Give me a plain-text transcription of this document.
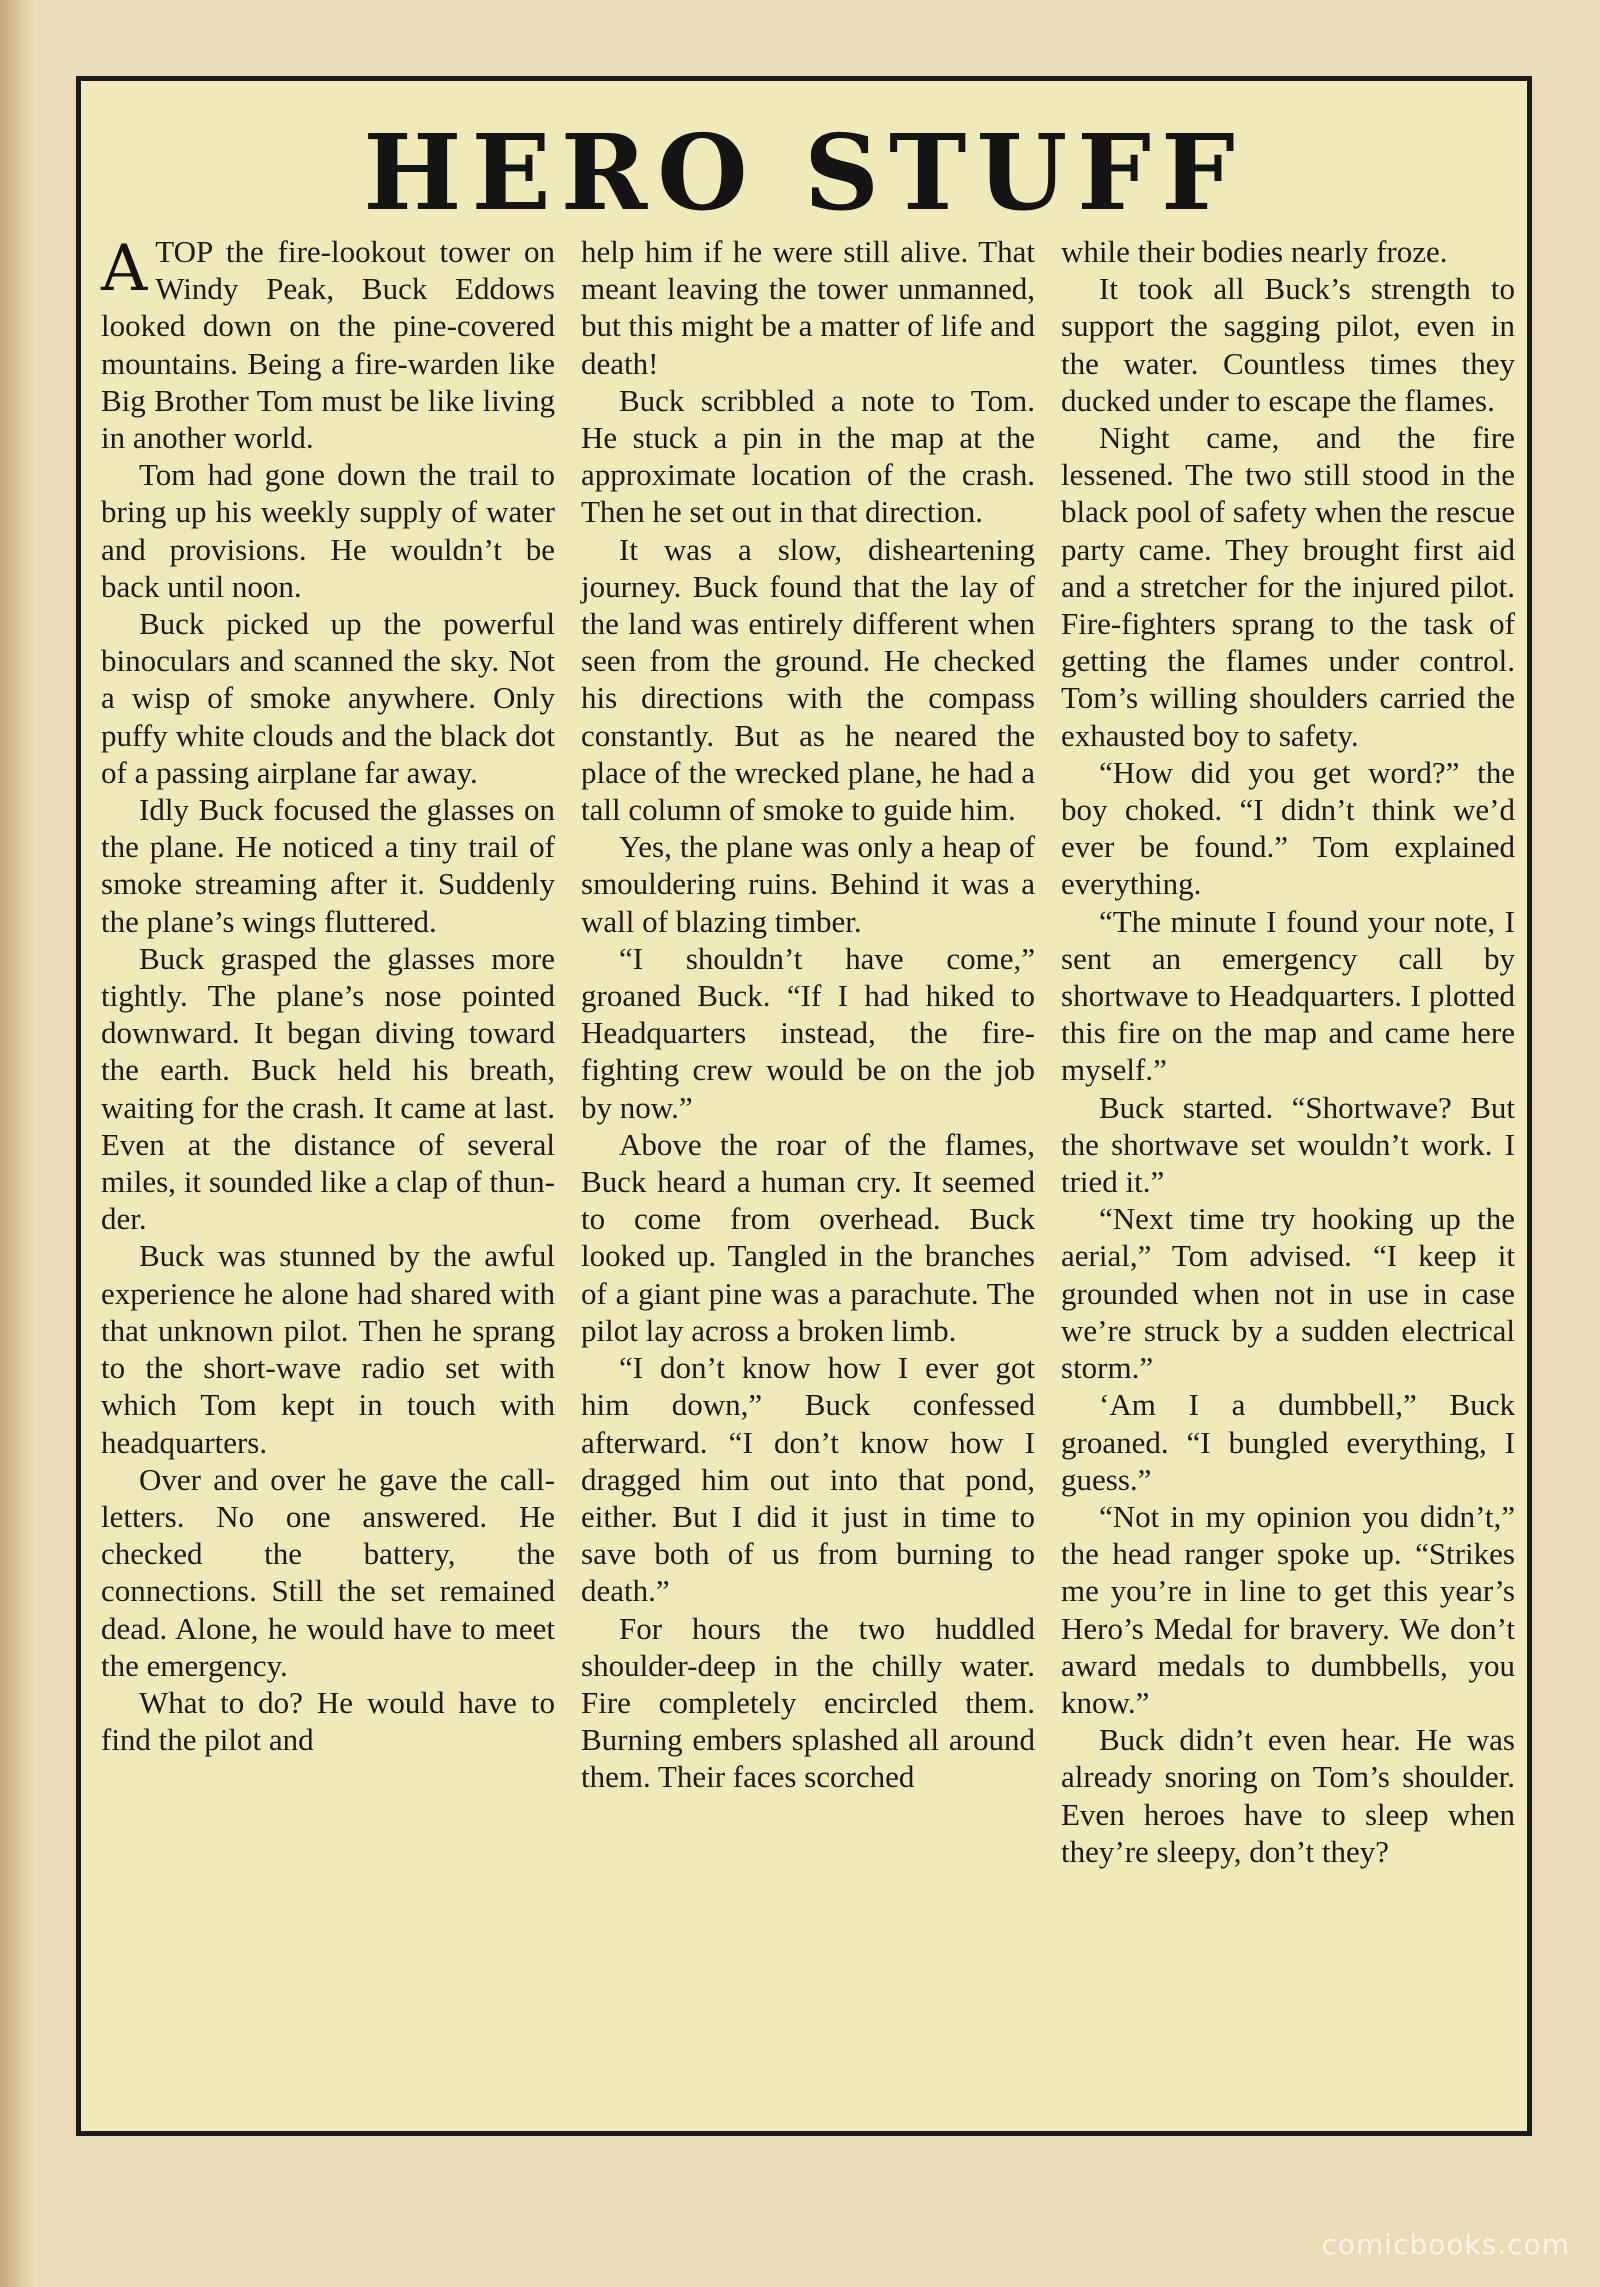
HERO STUFF

ATOP the fire-lookout tower on Windy Peak, Buck Eddows looked down on the pine-covered mountains. Being a fire-warden like Big Brother Tom must be like living in another world.

Tom had gone down the trail to bring up his weekly supply of water and provisions. He wouldn’t be back until noon.

Buck picked up the powerful binoculars and scanned the sky. Not a wisp of smoke anywhere. Only puffy white clouds and the black dot of a passing airplane far away.

Idly Buck focused the glasses on the plane. He noticed a tiny trail of smoke streaming after it. Suddenly the plane’s wings fluttered.

Buck grasped the glasses more tightly. The plane’s nose pointed downward. It began diving toward the earth. Buck held his breath, waiting for the crash. It came at last. Even at the distance of several miles, it sounded like a clap of thunder.

Buck was stunned by the awful experience he alone had shared with that unknown pilot. Then he sprang to the short-wave radio set with which Tom kept in touch with headquarters.

Over and over he gave the call-letters. No one answered. He checked the battery, the connections. Still the set remained dead. Alone, he would have to meet the emergency.

What to do? He would have to find the pilot and

help him if he were still alive. That meant leaving the tower unmanned, but this might be a matter of life and death!

Buck scribbled a note to Tom. He stuck a pin in the map at the approximate location of the crash. Then he set out in that direction.

It was a slow, disheartening journey. Buck found that the lay of the land was entirely different when seen from the ground. He checked his directions with the compass constantly. But as he neared the place of the wrecked plane, he had a tall column of smoke to guide him.

Yes, the plane was only a heap of smouldering ruins. Behind it was a wall of blazing timber.

“I shouldn’t have come,” groaned Buck. “If I had hiked to Headquarters instead, the fire-fighting crew would be on the job by now.”

Above the roar of the flames, Buck heard a human cry. It seemed to come from overhead. Buck looked up. Tangled in the branches of a giant pine was a parachute. The pilot lay across a broken limb.

“I don’t know how I ever got him down,” Buck confessed afterward. “I don’t know how I dragged him out into that pond, either. But I did it just in time to save both of us from burning to death.”

For hours the two huddled shoulder-deep in the chilly water. Fire completely encircled them. Burning embers splashed all around them. Their faces scorched

while their bodies nearly froze.

It took all Buck’s strength to support the sagging pilot, even in the water. Countless times they ducked under to escape the flames.

Night came, and the fire lessened. The two still stood in the black pool of safety when the rescue party came. They brought first aid and a stretcher for the injured pilot. Fire-fighters sprang to the task of getting the flames under control. Tom’s willing shoulders carried the exhausted boy to safety.

“How did you get word?” the boy choked. “I didn’t think we’d ever be found.” Tom explained everything.

“The minute I found your note, I sent an emergency call by shortwave to Headquarters. I plotted this fire on the map and came here myself.”

Buck started. “Shortwave? But the shortwave set wouldn’t work. I tried it.”

“Next time try hooking up the aerial,” Tom advised. “I keep it grounded when not in use in case we’re struck by a sudden electrical storm.”

‘Am I a dumbbell,” Buck groaned. “I bungled everything, I guess.”

“Not in my opinion you didn’t,” the head ranger spoke up. “Strikes me you’re in line to get this year’s Hero’s Medal for bravery. We don’t award medals to dumbbells, you know.”

Buck didn’t even hear. He was already snoring on Tom’s shoulder. Even heroes have to sleep when they’re sleepy, don’t they?

comicbooks.com
